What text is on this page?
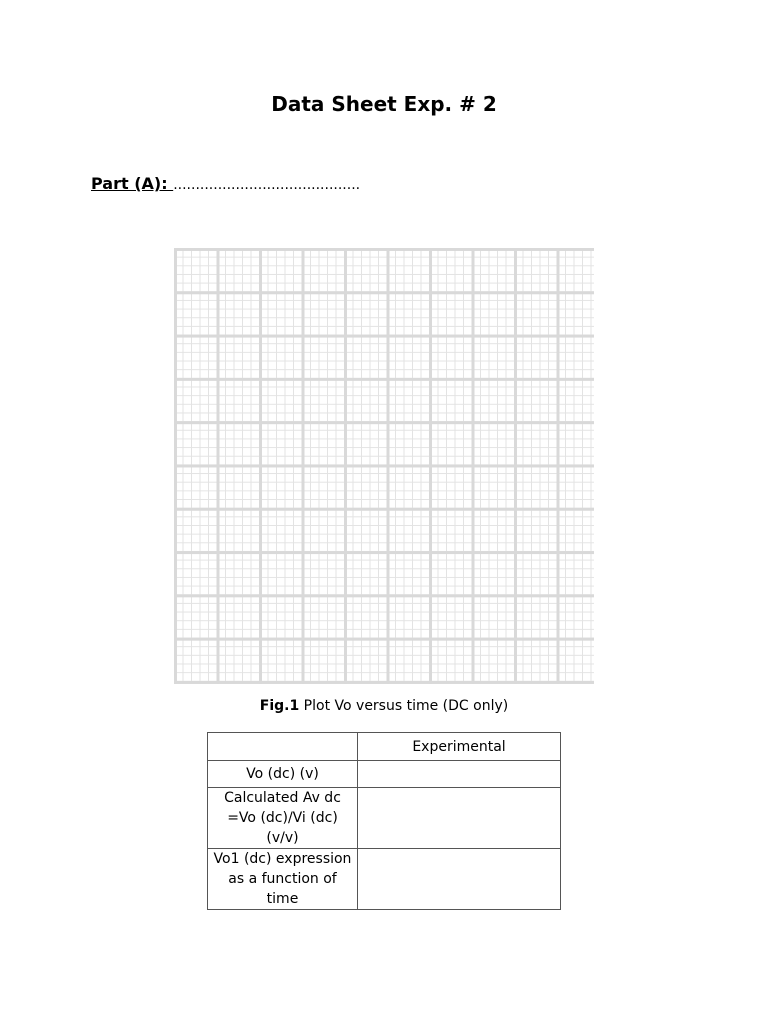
Data Sheet Exp. # 2
Part (A): ..........................................
Fig.1 Plot Vo versus time (DC only)
	Experimental
Vo (dc) (v)	
Calculated Av dc =Vo (dc)/Vi (dc) (v/v)	
Vo1 (dc) expression as a function of time	
